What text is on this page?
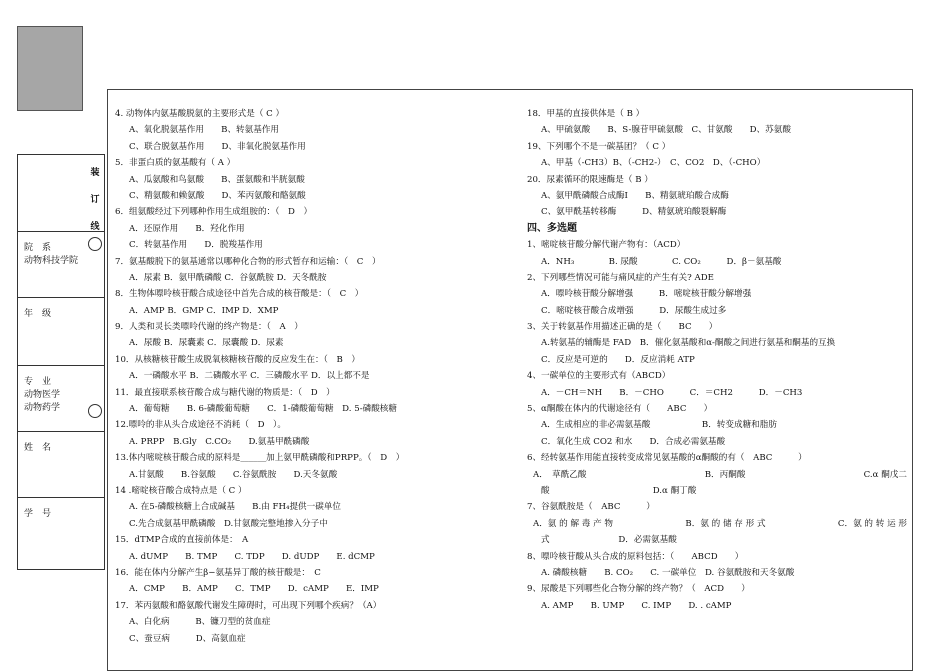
装
订
线
院　系
动物科技学院
年　级
专　业
动物医学
动物药学
姓　名
学　号
4. 动物体内氨基酸脱氨的主要形式是（ C ）
A、氧化脱氨基作用　　B、转氨基作用
C、联合脱氨基作用　　D、非氧化脱氨基作用
5．非蛋白质的氨基酸有（ A ）
A、瓜氨酸和鸟氨酸　　B、蛋氨酸和半胱氨酸
C、精氨酸和赖氨酸　　D、苯丙氨酸和酪氨酸
6．组氨酸经过下列哪种作用生成组胺的：（　D　）
A．还原作用　　B．羟化作用
C．转氨基作用　　D．脱羧基作用
7．氨基酸脱下的氨基通常以哪种化合物的形式暂存和运输：（　C　）
A．尿素 B．氨甲酰磷酸 C．谷氨酰胺 D．天冬酰胺
8．生物体嘌呤核苷酸合成途径中首先合成的核苷酸是：（　C　）
A．AMP B．GMP C．IMP D．XMP
9．人类和灵长类嘌呤代谢的终产物是：（　A　）
A．尿酸 B．尿囊素 C．尿囊酸 D．尿素
10．从核糖核苷酸生成脱氧核糖核苷酸的反应发生在：（　B　）
A．一磷酸水平 B．二磷酸水平 C．三磷酸水平 D．以上都不是
11．最直接联系核苷酸合成与糖代谢的物质是：（　D　）
A．葡萄糖　　B. 6-磷酸葡萄糖　　C．1-磷酸葡萄糖　D. 5-磷酸核糖
12.嘌呤的非从头合成途径不消耗（　D　）。
A. PRPP　B.Gly　C.CO₂　　D.氨基甲酰磷酸
13.体内嘧啶核苷酸合成的原料是______加上氨甲酰磷酸和PRPP。（　D　）
A.甘氨酸　　B.谷氨酸　　C.谷氨酰胺　　D.天冬氨酸
14 .嘧啶核苷酸合成特点是（ C ）
A. 在5-磷酸核糖上合成碱基　　B.由 FH₄提供一碳单位
C.先合成氨基甲酰磷酸　D.甘氨酸完整地掺入分子中
15．dTMP合成的直接前体是：　A
A. dUMP　　B. TMP　　C. TDP　　D. dUDP　　E. dCMP
16．能在体内分解产生β−氨基异丁酸的核苷酸是：　C
A．CMP　　B．AMP　　C．TMP　　D．cAMP　　E．IMP
17．苯丙氨酸和酪氨酸代谢发生障碍时，可出现下列哪个疾病？（A）
A、白化病　　　B、镰刀型的贫血症
C、蚕豆病　　　D、高氨血症
18．甲基的直接供体是（ B ）
A、甲硫氨酸　　B、S-腺苷甲硫氨酸　C、甘氨酸　　D、苏氨酸
19、下列哪个不是一碳基团？（ C ）
A、甲基（-CH3）B、（-CH2-）　C、CO2　D、（-CHO）
20．尿素循环的限速酶是（ B ）
A、氨甲酰磷酸合成酶Ⅰ　　B、精氨琥珀酸合成酶
C、氨甲酰基转移酶　　　D、精氨琥珀酸裂解酶
四、多选题
1、嘧啶核苷酸分解代谢产物有：（ACD）
A．NH₃　　　　B. 尿酸　　　　C. CO₂　　　D．β－氨基酸
2、下列哪些情况可能与痛风症的产生有关? ADE
A．嘌呤核苷酸分解增强　　　B．嘧啶核苷酸分解增强
C．嘧啶核苷酸合成增强　　　D．尿酸生成过多
3、关于转氨基作用描述正确的是（　　BC　　）
A.转氨基的辅酶是 FAD　B．催化氨基酸和α-酮酸之间进行氨基和酮基的互换
C．反应是可逆的　　D．反应消耗 ATP
4、一碳单位的主要形式有（ABCD）
A．－CH＝NH　　B．－CHO　　　C．＝CH2　　　D．－CH3
5、α酮酸在体内的代谢途径有（　　ABC　　）
A．生成相应的非必需氨基酸　　　　　　B．转变成糖和脂肪
C．氧化生成 CO2 和水　　D．合成必需氨基酸
6、经转氨基作用能直接转变成常见氨基酸的α酮酸的有（　ABC　　　）
A．　草酰乙酸	B．丙酮酸	C.α 酮戊二
酸　　　　　　　　　　　　D.α 酮丁酸
7、谷氨酰胺是（　ABC　　　）
A．氨 的 解 毒 产 物	B．氨 的 储 存 形 式	C．氨 的 转 运 形
式　　　　　　　　D．必需氨基酸
8、嘌呤核苷酸从头合成的原料包括：（　　ABCD　　）
A. 磷酸核糖　　B. CO₂　　C. 一碳单位　D. 谷氨酰胺和天冬氨酸
9、尿酸是下列哪些化合物分解的终产物？（　ACD　　）
A. AMP　　B. UMP　　C. IMP　　D. . cAMP
